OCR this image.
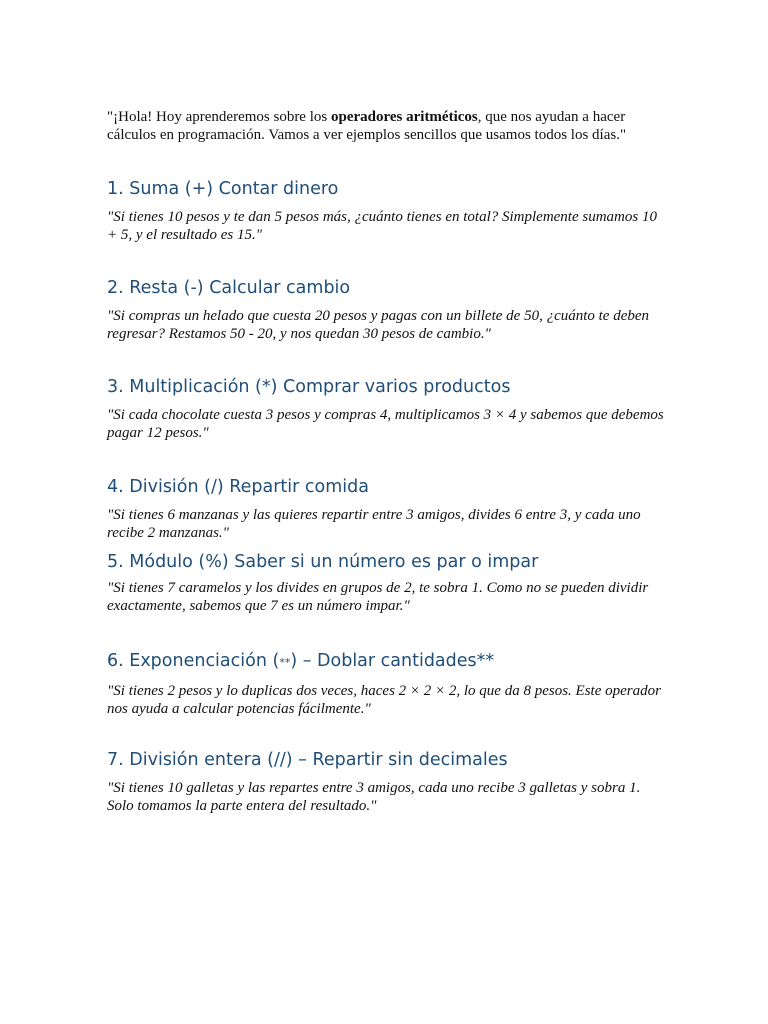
"¡Hola! Hoy aprenderemos sobre los operadores aritméticos, que nos ayudan a hacer cálculos en programación. Vamos a ver ejemplos sencillos que usamos todos los días."

1. Suma (+) Contar dinero

"Si tienes 10 pesos y te dan 5 pesos más, ¿cuánto tienes en total? Simplemente sumamos 10 + 5, y el resultado es 15."

2. Resta (-) Calcular cambio

"Si compras un helado que cuesta 20 pesos y pagas con un billete de 50, ¿cuánto te deben regresar? Restamos 50 - 20, y nos quedan 30 pesos de cambio."

3. Multiplicación (*) Comprar varios productos

"Si cada chocolate cuesta 3 pesos y compras 4, multiplicamos 3 × 4 y sabemos que debemos pagar 12 pesos."

4. División (/) Repartir comida

"Si tienes 6 manzanas y las quieres repartir entre 3 amigos, divides 6 entre 3, y cada uno recibe 2 manzanas."

5. Módulo (%) Saber si un número es par o impar

"Si tienes 7 caramelos y los divides en grupos de 2, te sobra 1. Como no se pueden dividir exactamente, sabemos que 7 es un número impar."

6. Exponenciación (**) – Doblar cantidades**

"Si tienes 2 pesos y lo duplicas dos veces, haces 2 × 2 × 2, lo que da 8 pesos. Este operador nos ayuda a calcular potencias fácilmente."

7. División entera (//) – Repartir sin decimales

"Si tienes 10 galletas y las repartes entre 3 amigos, cada uno recibe 3 galletas y sobra 1. Solo tomamos la parte entera del resultado."
